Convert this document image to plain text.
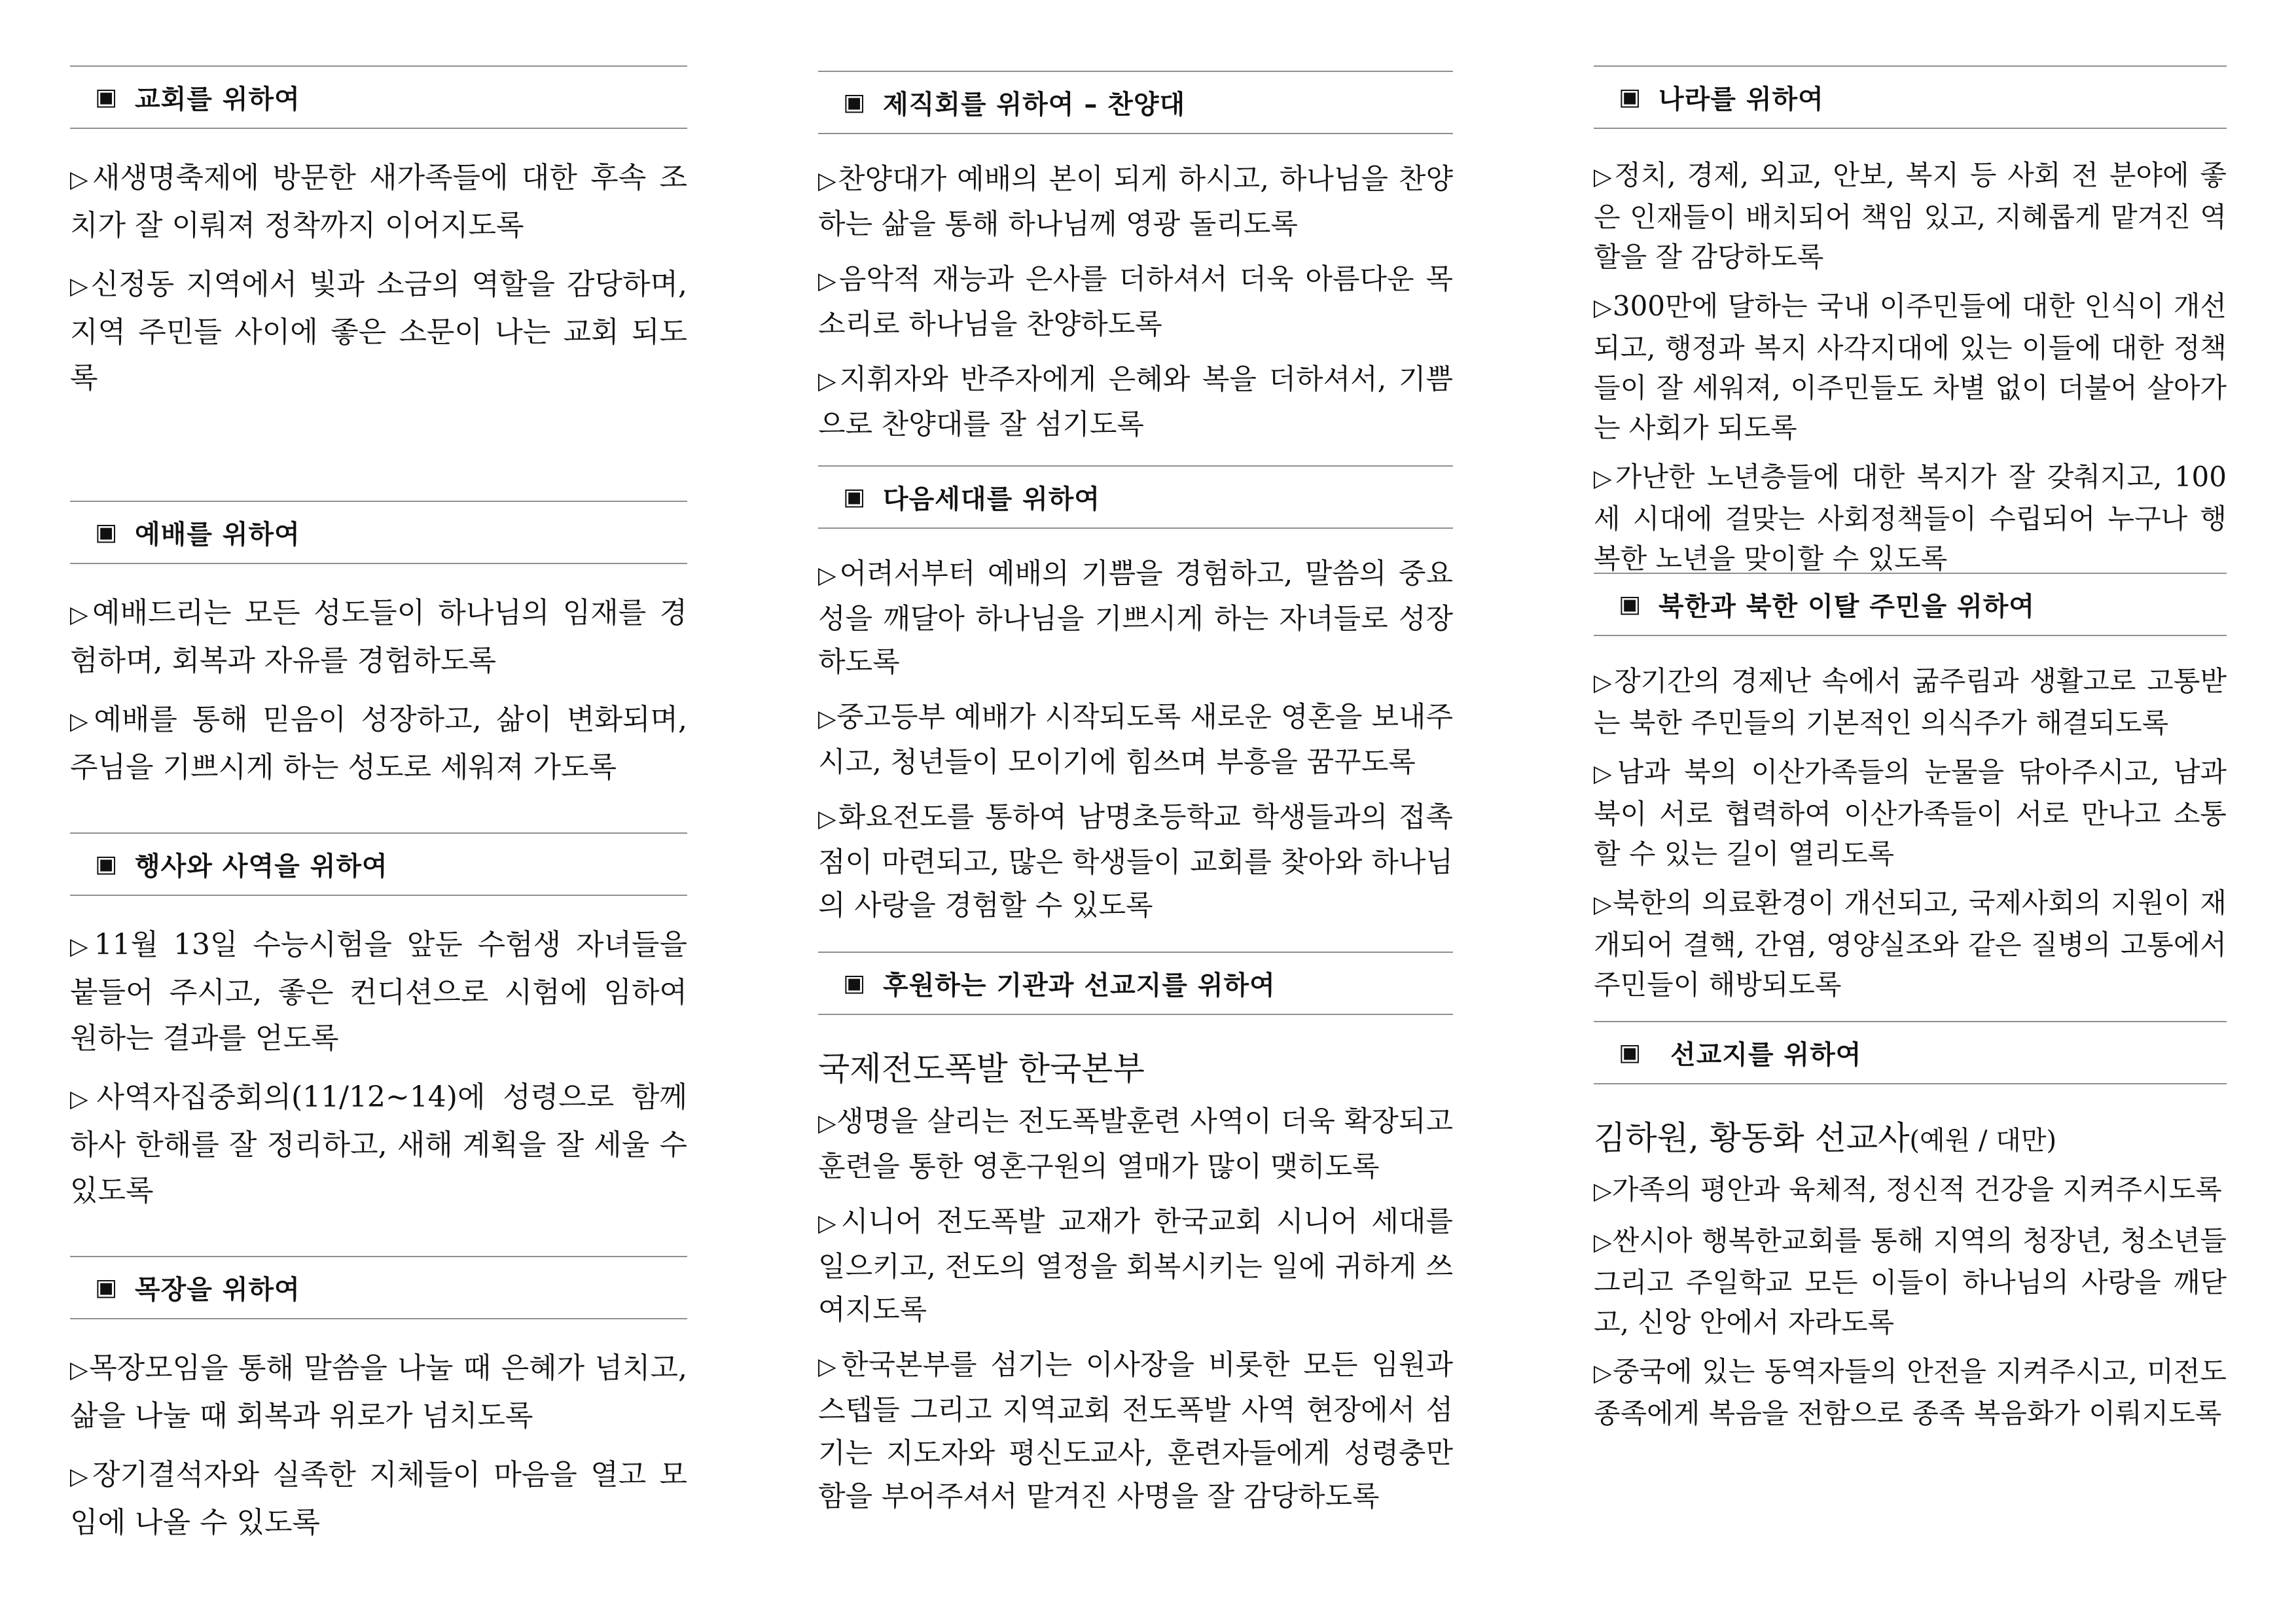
▣ 교회를 위하여

▷새생명축제에 방문한 새가족들에 대한 후속 조치가 잘 이뤄져 정착까지 이어지도록

▷신정동 지역에서 빛과 소금의 역할을 감당하며, 지역 주민들 사이에 좋은 소문이 나는 교회 되도록

▣ 예배를 위하여

▷예배드리는 모든 성도들이 하나님의 임재를 경험하며, 회복과 자유를 경험하도록

▷예배를 통해 믿음이 성장하고, 삶이 변화되며, 주님을 기쁘시게 하는 성도로 세워져 가도록

▣ 행사와 사역을 위하여

▷11월 13일 수능시험을 앞둔 수험생 자녀들을 붙들어 주시고, 좋은 컨디션으로 시험에 임하여 원하는 결과를 얻도록

▷사역자집중회의(11/12~14)에 성령으로 함께 하사 한해를 잘 정리하고, 새해 계획을 잘 세울 수 있도록

▣ 목장을 위하여

▷목장모임을 통해 말씀을 나눌 때 은혜가 넘치고, 삶을 나눌 때 회복과 위로가 넘치도록

▷장기결석자와 실족한 지체들이 마음을 열고 모임에 나올 수 있도록

▣ 제직회를 위하여 – 찬양대

▷찬양대가 예배의 본이 되게 하시고, 하나님을 찬양하는 삶을 통해 하나님께 영광 돌리도록

▷음악적 재능과 은사를 더하셔서 더욱 아름다운 목소리로 하나님을 찬양하도록

▷지휘자와 반주자에게 은혜와 복을 더하셔서, 기쁨으로 찬양대를 잘 섬기도록

▣ 다음세대를 위하여

▷어려서부터 예배의 기쁨을 경험하고, 말씀의 중요성을 깨달아 하나님을 기쁘시게 하는 자녀들로 성장하도록

▷중고등부 예배가 시작되도록 새로운 영혼을 보내주시고, 청년들이 모이기에 힘쓰며 부흥을 꿈꾸도록

▷화요전도를 통하여 남명초등학교 학생들과의 접촉점이 마련되고, 많은 학생들이 교회를 찾아와 하나님의 사랑을 경험할 수 있도록

▣ 후원하는 기관과 선교지를 위하여
국제전도폭발 한국본부

▷생명을 살리는 전도폭발훈련 사역이 더욱 확장되고 훈련을 통한 영혼구원의 열매가 많이 맺히도록

▷시니어 전도폭발 교재가 한국교회 시니어 세대를 일으키고, 전도의 열정을 회복시키는 일에 귀하게 쓰여지도록

▷한국본부를 섬기는 이사장을 비롯한 모든 임원과 스텝들 그리고 지역교회 전도폭발 사역 현장에서 섬기는 지도자와 평신도교사, 훈련자들에게 성령충만함을 부어주셔서 맡겨진 사명을 잘 감당하도록

▣ 나라를 위하여

▷정치, 경제, 외교, 안보, 복지 등 사회 전 분야에 좋은 인재들이 배치되어 책임 있고, 지혜롭게 맡겨진 역할을 잘 감당하도록

▷300만에 달하는 국내 이주민들에 대한 인식이 개선되고, 행정과 복지 사각지대에 있는 이들에 대한 정책들이 잘 세워져, 이주민들도 차별 없이 더불어 살아가는 사회가 되도록

▷가난한 노년층들에 대한 복지가 잘 갖춰지고, 100세 시대에 걸맞는 사회정책들이 수립되어 누구나 행복한 노년을 맞이할 수 있도록

▣ 북한과 북한 이탈 주민을 위하여

▷장기간의 경제난 속에서 굶주림과 생활고로 고통받는 북한 주민들의 기본적인 의식주가 해결되도록

▷남과 북의 이산가족들의 눈물을 닦아주시고, 남과 북이 서로 협력하여 이산가족들이 서로 만나고 소통할 수 있는 길이 열리도록

▷북한의 의료환경이 개선되고, 국제사회의 지원이 재개되어 결핵, 간염, 영양실조와 같은 질병의 고통에서 주민들이 해방되도록

▣ 선교지를 위하여
김하원, 황동화 선교사(예원 / 대만)

▷가족의 평안과 육체적, 정신적 건강을 지켜주시도록

▷싼시아 행복한교회를 통해 지역의 청장년, 청소년들 그리고 주일학교 모든 이들이 하나님의 사랑을 깨닫고, 신앙 안에서 자라도록

▷중국에 있는 동역자들의 안전을 지켜주시고, 미전도 종족에게 복음을 전함으로 종족 복음화가 이뤄지도록
